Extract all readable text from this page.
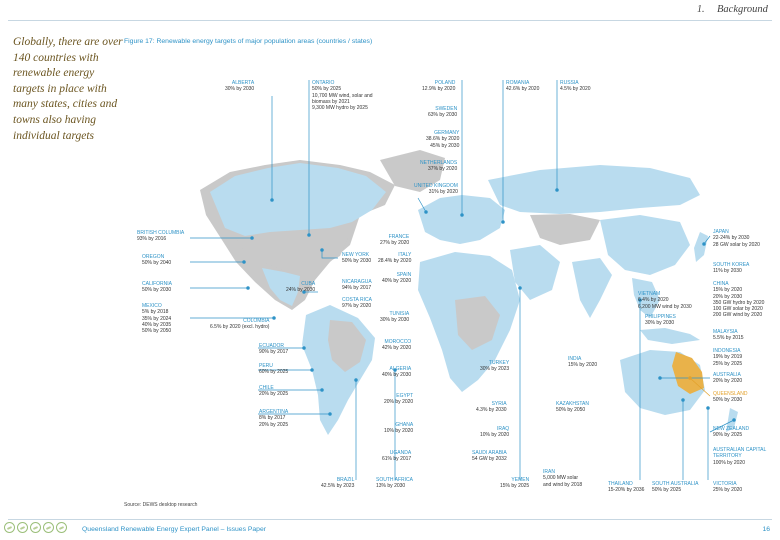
1. Background
Globally, there are over 140 countries with renewable energy targets in place with many states, cities and towns also having individual targets
Figure 17: Renewable energy targets of major population areas (countries / states)
ALBERTA
30% by 2030
ONTARIO
50% by 2025
10,700 MW wind, solar and
biomass by 2021
9,300 MW hydro by 2025
POLAND
12.9% by 2020
ROMANIA
42.6% by 2020
RUSSIA
4.5% by 2020
SWEDEN
63% by 2030
GERMANY
38.6% by 2020
45% by 2030
NETHERLANDS
37% by 2020
UNITED KINGDOM
31% by 2020
BRITISH COLUMBIA
93% by 2016
OREGON
50% by 2040
CALIFORNIA
50% by 2030
MEXICO
5% by 2018
35% by 2024
40% by 2035
50% by 2050
COLOMBIA
6.5% by 2020 (excl. hydro)
CUBA
24% by 2030
NEW YORK
50% by 2030
FRANCE
27% by 2020
ITALY
28.4% by 2020
SPAIN
40% by 2020
NICARAGUA
94% by 2017
COSTA RICA
97% by 2020
TUNISIA
30% by 2030
MOROCCO
42% by 2020
ECUADOR
90% by 2017
PERU
60% by 2025
CHILE
20% by 2025
ARGENTINA
8% by 2017
20% by 2025
ALGERIA
40% by 2030
EGYPT
20% by 2020
GHANA
10% by 2020
UGANDA
61% by 2017
BRAZIL
42.5% by 2023
SOUTH AFRICA
13% by 2030
TURKEY
30% by 2023
SYRIA
4.3% by 2030
IRAQ
10% by 2020
SAUDI ARABIA
54 GW by 2032
YEMEN
15% by 2025
IRAN
5,000 MW solar
and wind by 2018
KAZAKHSTAN
50% by 2050
INDIA
15% by 2020
VIETNAM
6.4% by 2020
6,200 MW wind by 2030
PHILIPPINES
30% by 2030
THAILAND
15-20% by 2036
SOUTH AUSTRALIA
50% by 2025
JAPAN
22-24% by 2030
28 GW solar by 2020
SOUTH KOREA
11% by 2030
CHINA
15% by 2020
20% by 2030
350 GW hydro by 2020
100 GW solar by 2020
200 GW wind by 2020
MALAYSIA
5.5% by 2015
INDONESIA
19% by 2019
25% by 2025
AUSTRALIA
20% by 2020
QUEENSLAND
50% by 2030
NEW ZEALAND
90% by 2025
AUSTRALIAN CAPITAL TERRITORY
100% by 2020
VICTORIA
25% by 2020
Source: DEWS desktop research
Queensland Renewable Energy Expert Panel – Issues Paper	16
